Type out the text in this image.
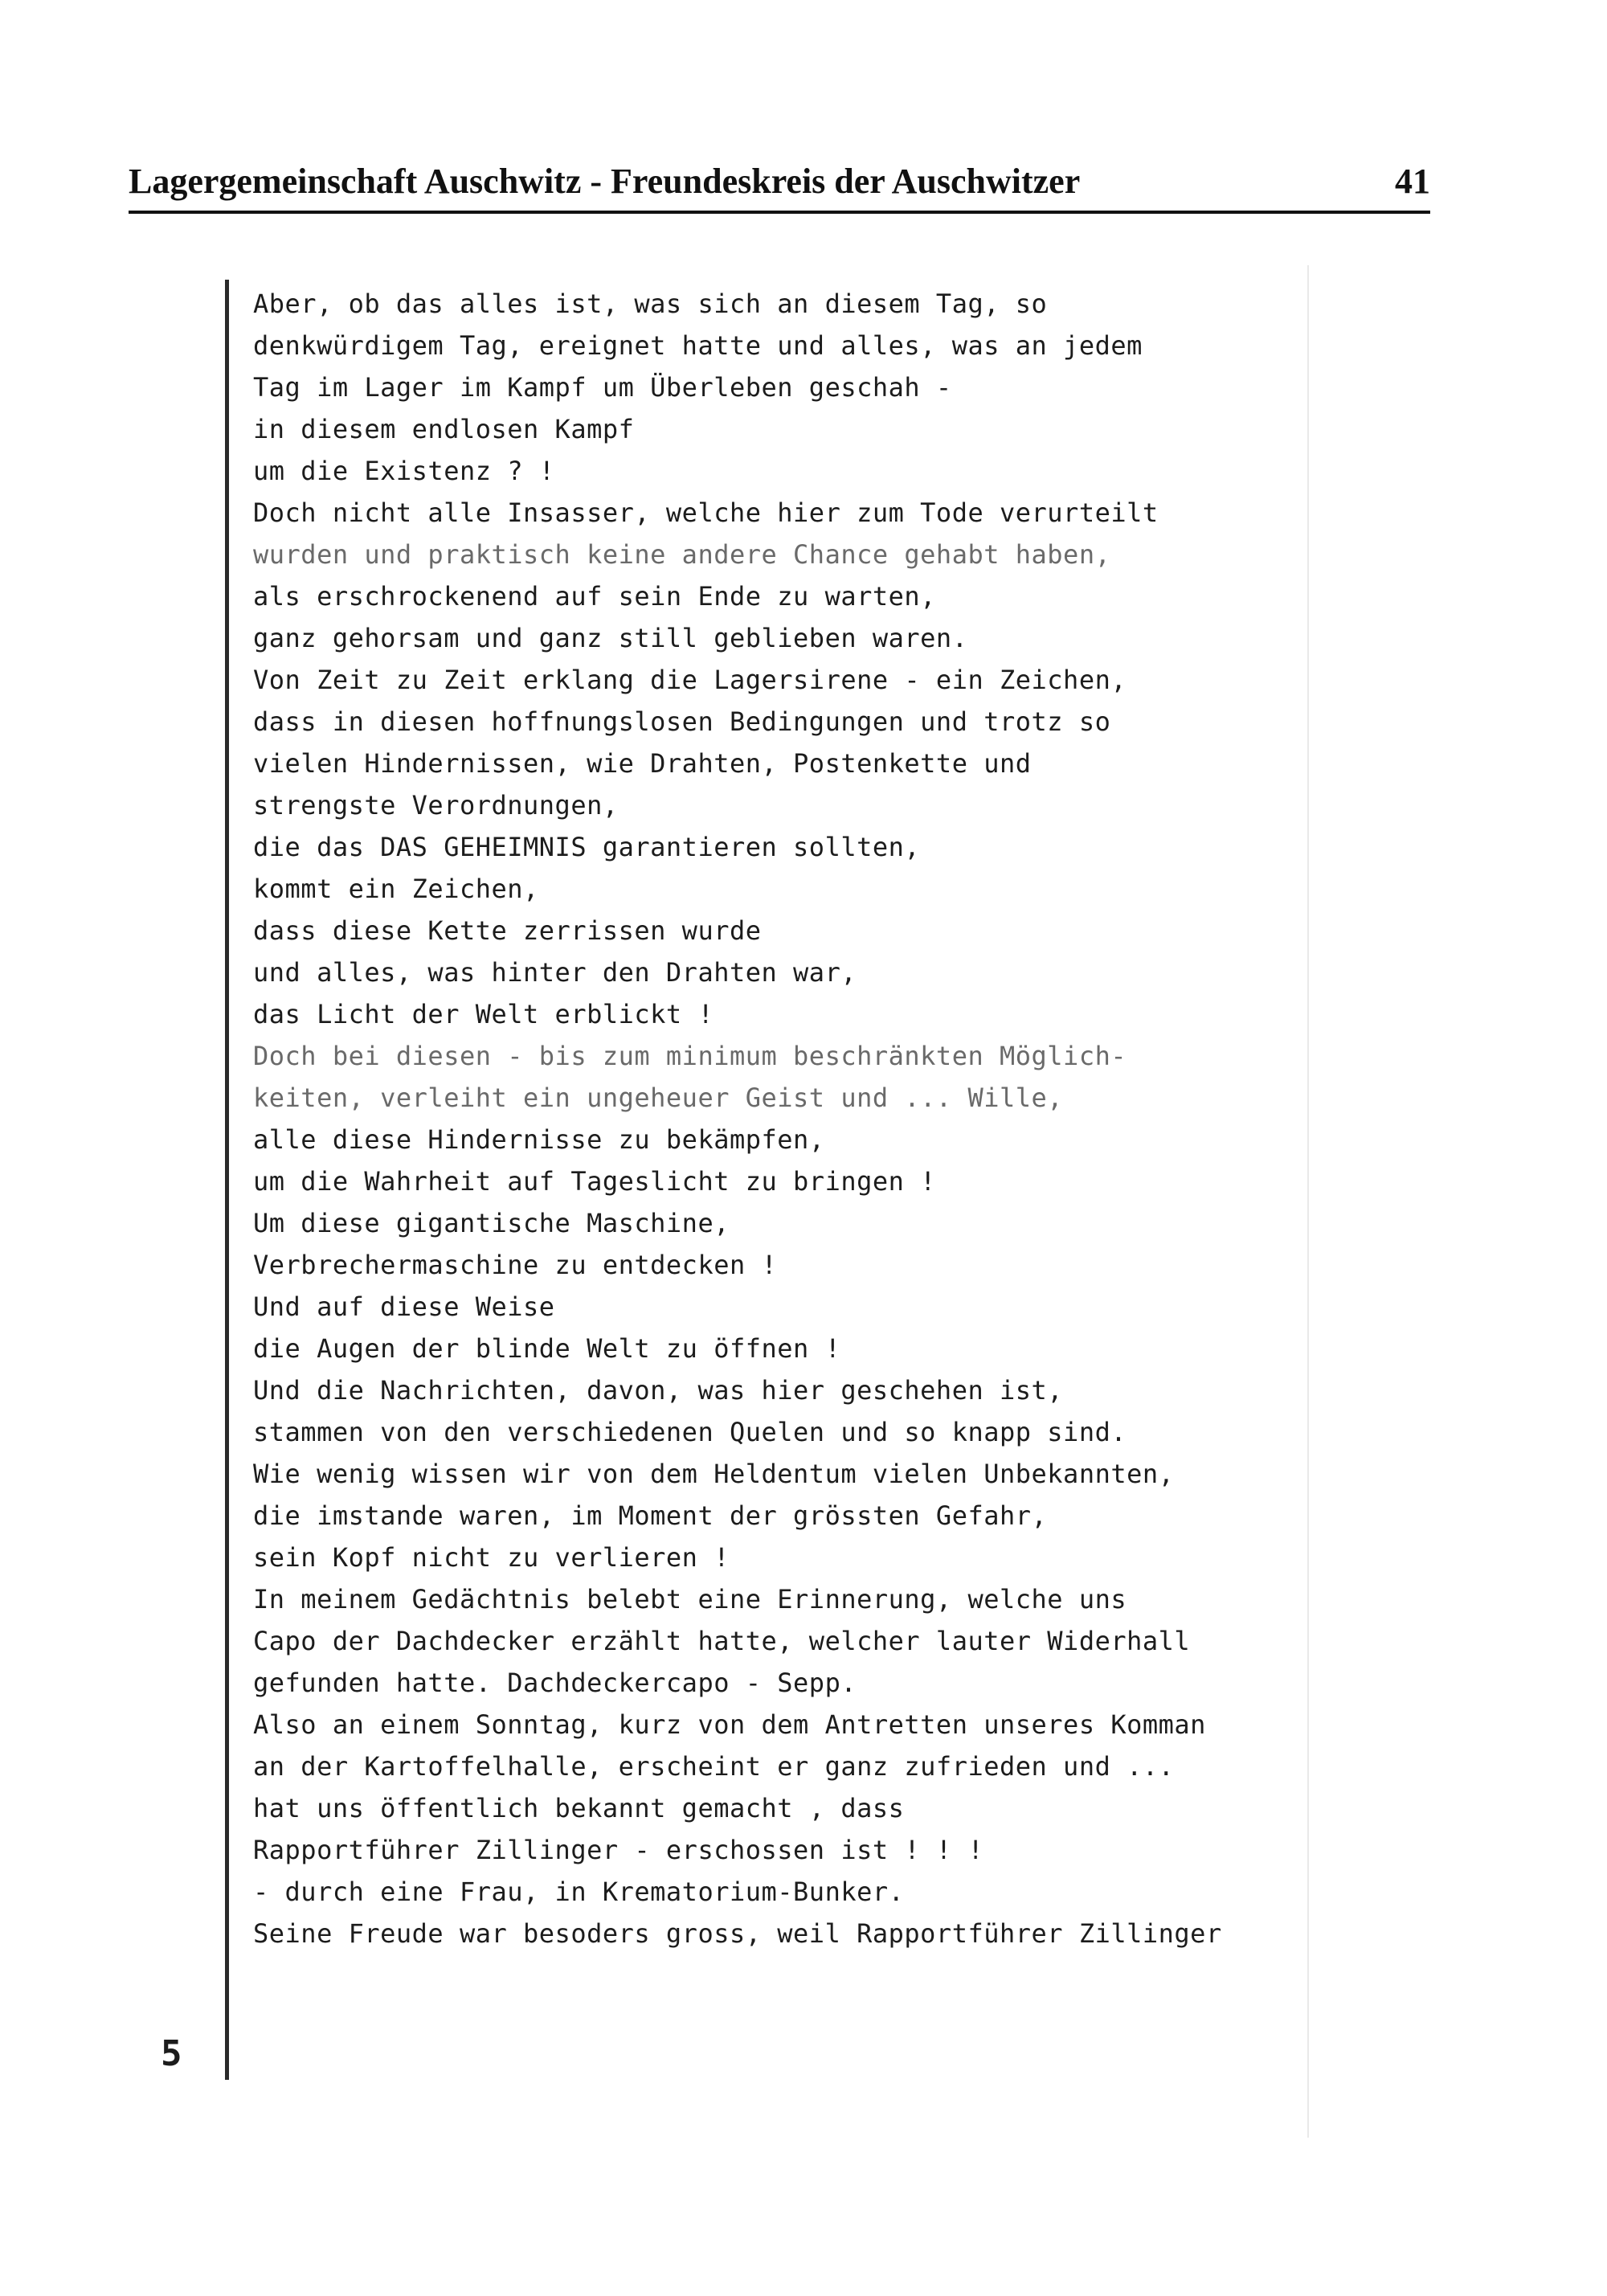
Lagergemeinschaft Auschwitz - Freundeskreis der Auschwitzer	41
Aber, ob das alles ist, was sich an diesem Tag, so
denkwürdigem Tag, ereignet hatte und alles, was an jedem
Tag im Lager im Kampf um Überleben geschah -
in diesem endlosen Kampf
um die Existenz ? !
Doch nicht alle Insasser, welche hier zum Tode verurteilt
wurden und praktisch keine andere Chance gehabt haben,
als erschrockenend auf sein Ende zu warten,
ganz gehorsam und ganz still geblieben waren.
Von Zeit zu Zeit erklang die Lagersirene - ein Zeichen,
dass in diesen hoffnungslosen Bedingungen und trotz so
vielen Hindernissen, wie Drahten, Postenkette und
strengste Verordnungen,
die das DAS GEHEIMNIS garantieren sollten,
kommt ein Zeichen,
dass diese Kette zerrissen wurde
und alles, was hinter den Drahten war,
das Licht der Welt erblickt !
Doch bei diesen - bis zum minimum beschränkten Möglich-
keiten, verleiht ein ungeheuer Geist und ... Wille,
alle diese Hindernisse zu bekämpfen,
um die Wahrheit auf Tageslicht zu bringen !
Um diese gigantische Maschine,
Verbrechermaschine zu entdecken !
Und auf diese Weise
die Augen der blinde Welt zu öffnen !
Und die Nachrichten, davon, was hier geschehen ist,
stammen von den verschiedenen Quelen und so knapp sind.
Wie wenig wissen wir von dem Heldentum vielen Unbekannten,
die imstande waren, im Moment der grössten Gefahr,
sein Kopf nicht zu verlieren !
In meinem Gedächtnis belebt eine Erinnerung, welche uns
Capo der Dachdecker erzählt hatte, welcher lauter Widerhall
gefunden hatte. Dachdeckercapo - Sepp.
Also an einem Sonntag, kurz von dem Antretten unseres Komman
an der Kartoffelhalle, erscheint er ganz zufrieden und ...
hat uns öffentlich bekannt gemacht , dass
Rapportführer Zillinger - erschossen ist ! ! !
- durch eine Frau, in Krematorium-Bunker.
Seine Freude war besoders gross, weil Rapportführer Zillinger
5
